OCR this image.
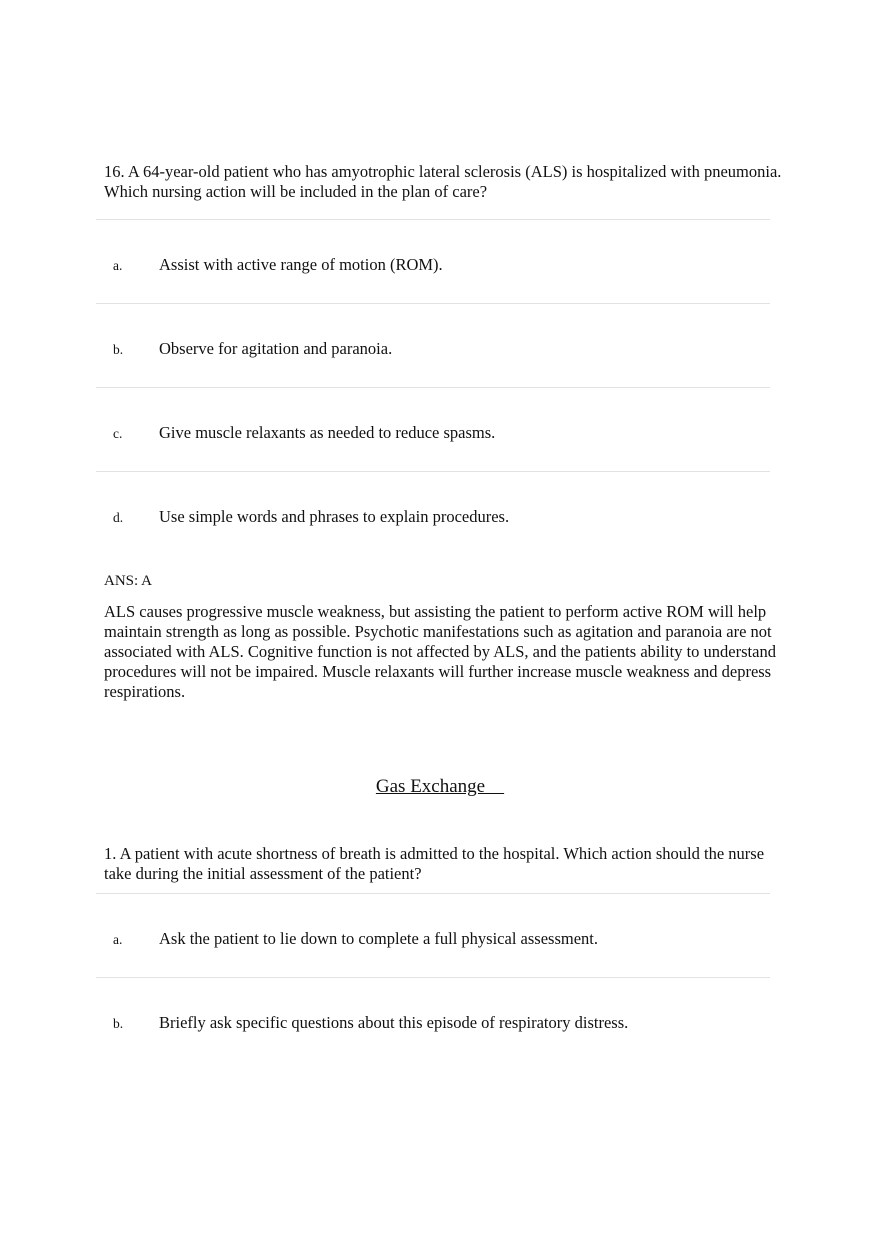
16. A 64-year-old patient who has amyotrophic lateral sclerosis (ALS) is hospitalized with pneumonia. Which nursing action will be included in the plan of care?
a. Assist with active range of motion (ROM).
b. Observe for agitation and paranoia.
c. Give muscle relaxants as needed to reduce spasms.
d. Use simple words and phrases to explain procedures.
ANS: A
ALS causes progressive muscle weakness, but assisting the patient to perform active ROM will help maintain strength as long as possible. Psychotic manifestations such as agitation and paranoia are not associated with ALS. Cognitive function is not affected by ALS, and the patients ability to understand procedures will not be impaired. Muscle relaxants will further increase muscle weakness and depress respirations.
Gas Exchange
1. A patient with acute shortness of breath is admitted to the hospital. Which action should the nurse take during the initial assessment of the patient?
a. Ask the patient to lie down to complete a full physical assessment.
b. Briefly ask specific questions about this episode of respiratory distress.
